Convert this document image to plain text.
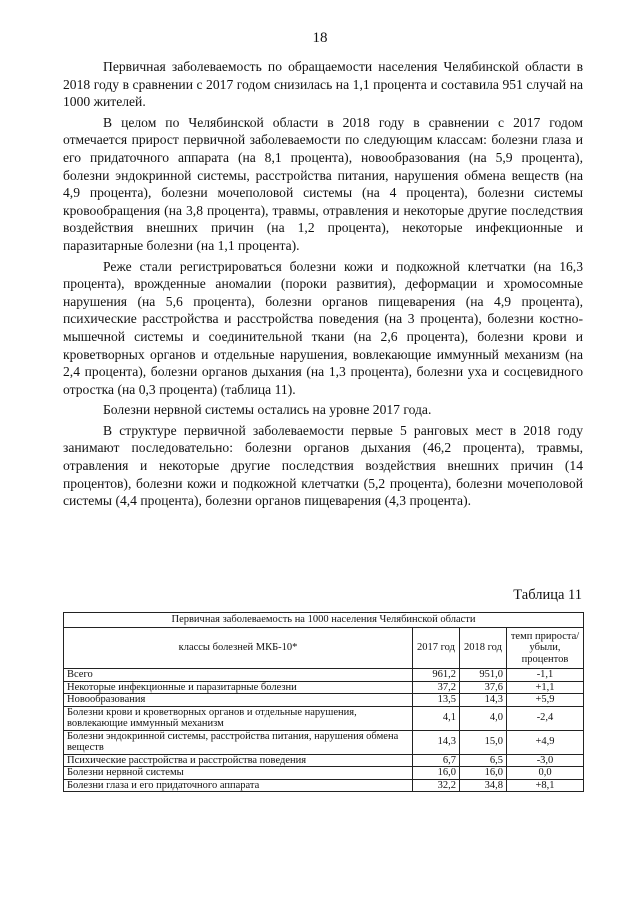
18

Первичная заболеваемость по обращаемости населения Челябинской области в 2018 году в сравнении с 2017 годом снизилась на 1,1 процента и составила 951 случай на 1000 жителей.

В целом по Челябинской области в 2018 году в сравнении с 2017 годом отмечается прирост первичной заболеваемости по следующим классам: болезни глаза и его придаточного аппарата (на 8,1 процента), новообразования (на 5,9 процента), болезни эндокринной системы, расстройства питания, нарушения обмена веществ (на 4,9 процента), болезни мочеполовой системы (на 4 процента), болезни системы кровообращения (на 3,8 процента), травмы, отравления и некоторые другие последствия воздействия внешних причин (на 1,2 процента), некоторые инфекционные и паразитарные болезни (на 1,1 процента).

Реже стали регистрироваться болезни кожи и подкожной клетчатки (на 16,3 процента), врожденные аномалии (пороки развития), деформации и хромосомные нарушения (на 5,6 процента), болезни органов пищеварения (на 4,9 процента), психические расстройства и расстройства поведения (на 3 процента), болезни костно-мышечной системы и соединительной ткани (на 2,6 процента), болезни крови и кроветворных органов и отдельные нарушения, вовлекающие иммунный механизм (на 2,4 процента), болезни органов дыхания (на 1,3 процента), болезни уха и сосцевидного отростка (на 0,3 процента) (таблица 11).

Болезни нервной системы остались на уровне 2017 года.

В структуре первичной заболеваемости первые 5 ранговых мест в 2018 году занимают последовательно: болезни органов дыхания (46,2 процента), травмы, отравления и некоторые другие последствия воздействия внешних причин (14 процентов), болезни кожи и подкожной клетчатки (5,2 процента), болезни мочеполовой системы (4,4 процента), болезни органов пищеварения (4,3 процента).

Таблица 11
Первичная заболеваемость на 1000 населения Челябинской области			
классы болезней МКБ-10*	2017 год	2018 год	темп прироста/ убыли, процентов
Всего	961,2	951,0	-1,1
Некоторые инфекционные и паразитарные болезни	37,2	37,6	+1,1
Новообразования	13,5	14,3	+5,9
Болезни крови и кроветворных органов и отдельные нарушения, вовлекающие иммунный механизм	4,1	4,0	-2,4
Болезни эндокринной системы, расстройства питания, нарушения обмена веществ	14,3	15,0	+4,9
Психические расстройства и расстройства поведения	6,7	6,5	-3,0
Болезни нервной системы	16,0	16,0	0,0
Болезни глаза и его придаточного аппарата	32,2	34,8	+8,1
